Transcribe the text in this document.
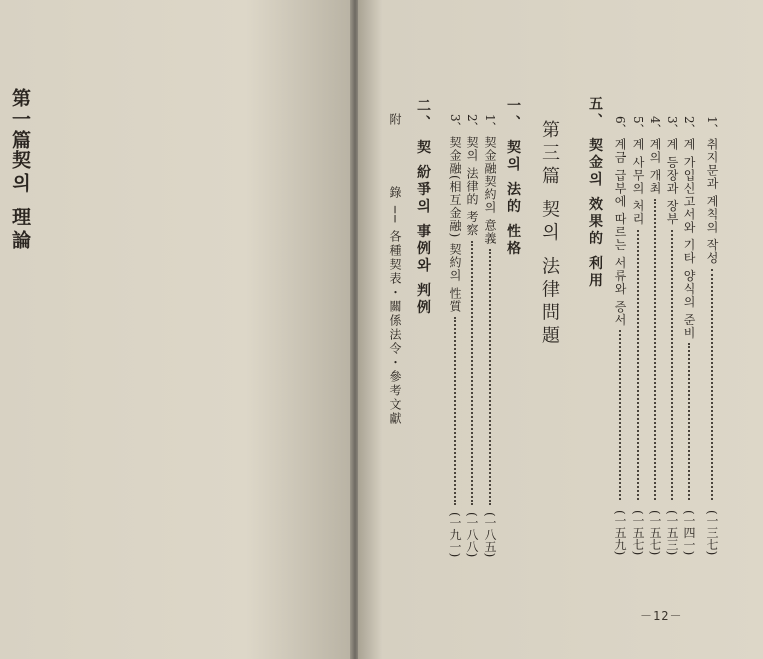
第一篇
契의 理論
1、
취지문과 계칙의 작성
(一三七)
2、
계 가입신고서와 기타 양식의 준비
(一四一)
3、
계 등장과 장부
(一五三)
4、
계의 개최
(一五七)
5、
계 사무의 처리
(一五七)
6、
계금 급부에 따르는 서류와 증서
(一五九)
五、 契金의 效果的 利用
第三篇 契의 法律問題
一、 契의 法的 性格
1、
契金融契約의 意義
(一八五)
2、
契의 法律的 考察
(一八八)
3、
契金融(相互金融) 契約의 性質
(一九一)
二、 契 紛爭의 事例와 判例
附
錄 ── 各種契表・關係法令・參考文獻
－12－
